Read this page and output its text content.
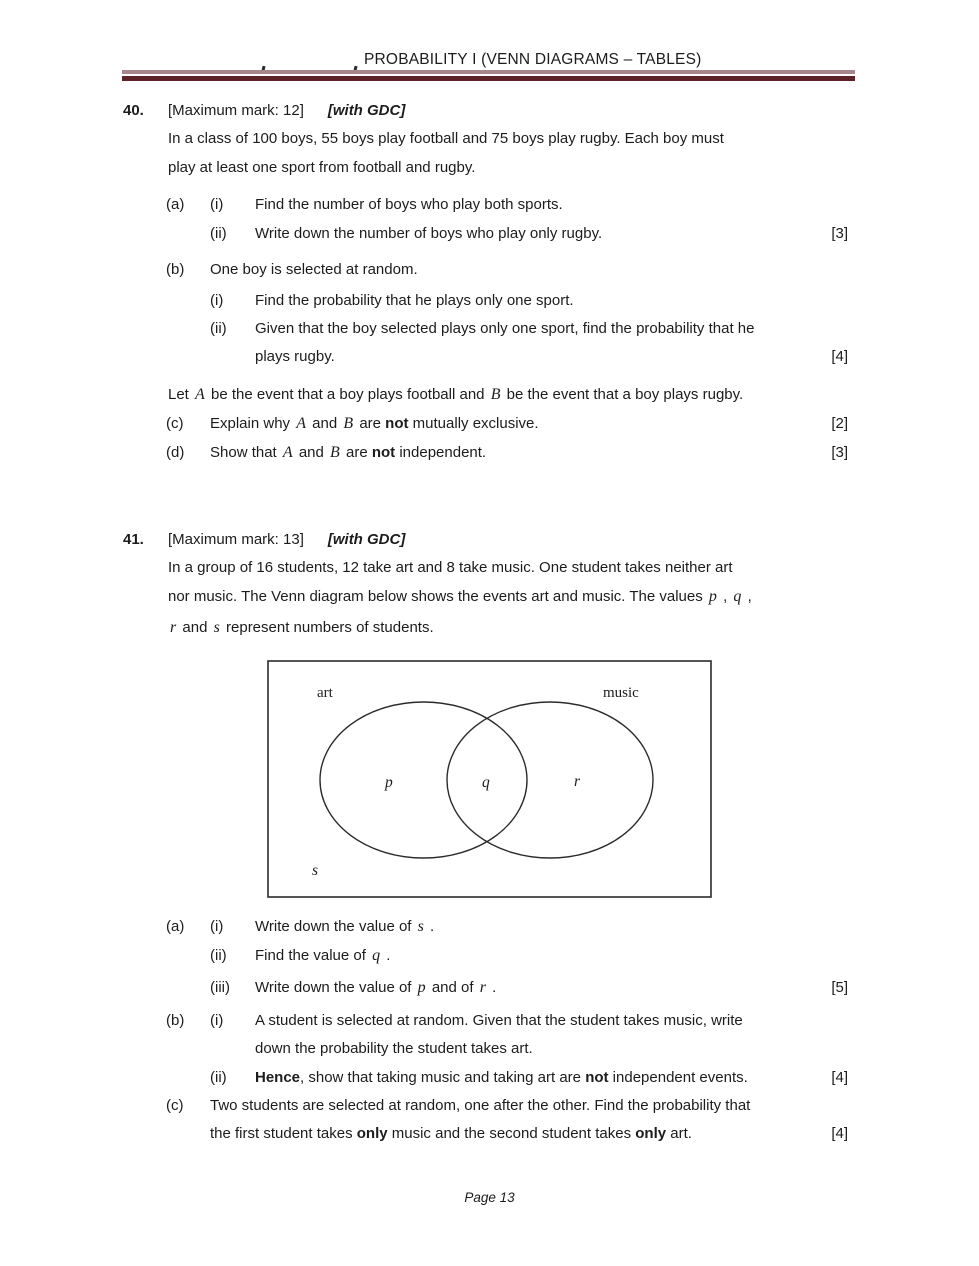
PROBABILITY I (VENN DIAGRAMS – TABLES)
40. [Maximum mark: 12] [with GDC]
In a class of 100 boys, 55 boys play football and 75 boys play rugby. Each boy must
play at least one sport from football and rugby.
(a) (i) Find the number of boys who play both sports.
(ii) Write down the number of boys who play only rugby.	[3]
(b) One boy is selected at random.
(i) Find the probability that he plays only one sport.
(ii) Given that the boy selected plays only one sport, find the probability that he
plays rugby.	[4]
Let A be the event that a boy plays football and B be the event that a boy plays rugby.
(c) Explain why A and B are not mutually exclusive.	[2]
(d) Show that A and B are not independent.	[3]
41. [Maximum mark: 13] [with GDC]
In a group of 16 students, 12 take art and 8 take music. One student takes neither art
nor music. The Venn diagram below shows the events art and music. The values p , q ,
r and s represent numbers of students.
art	music
p	q	r
s
(a) (i) Write down the value of s .
(ii) Find the value of q .
(iii) Write down the value of p and of r .	[5]
(b) (i) A student is selected at random. Given that the student takes music, write
down the probability the student takes art.
(ii) Hence, show that taking music and taking art are not independent events.	[4]
(c) Two students are selected at random, one after the other. Find the probability that
the first student takes only music and the second student takes only art.	[4]
Page 13
